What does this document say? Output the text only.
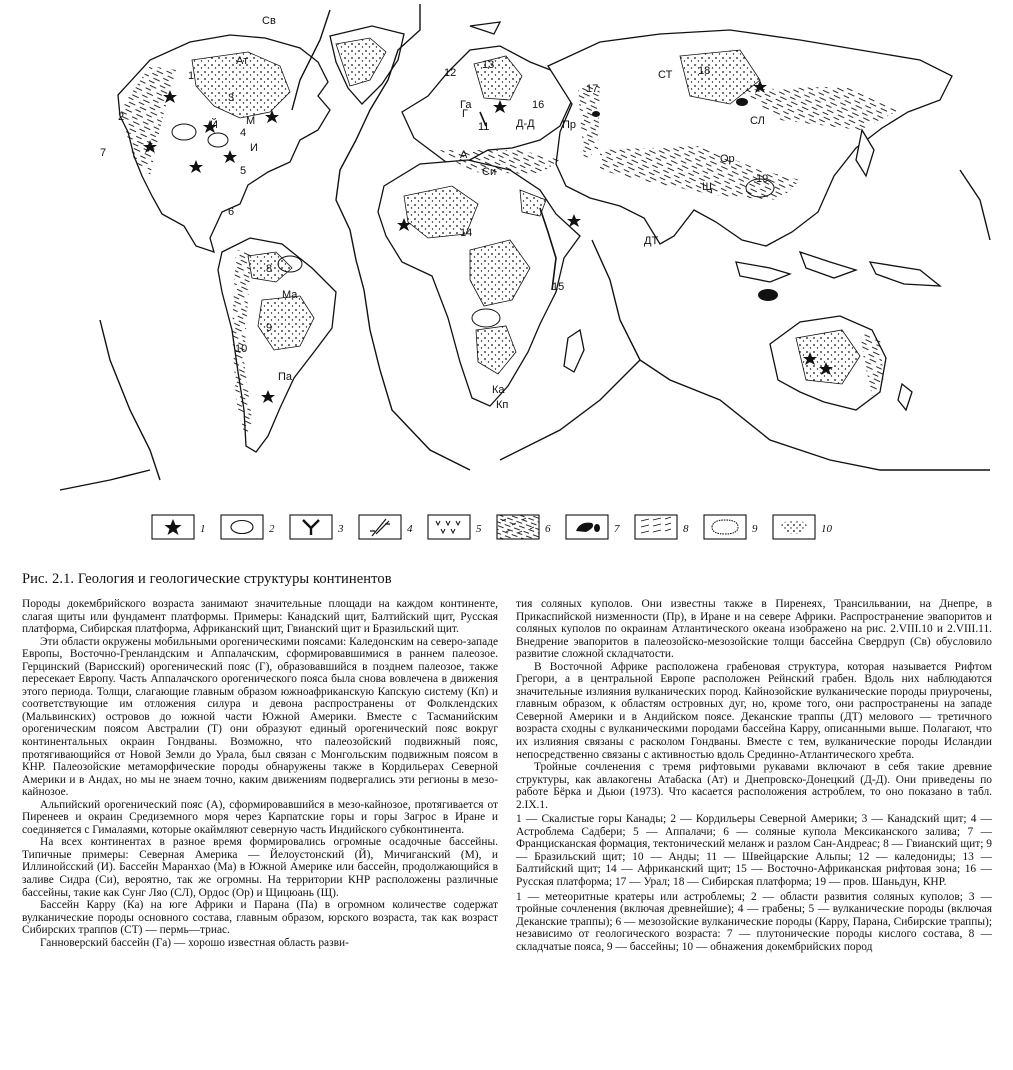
Св
Ат
1
2
3
4
5
6
7
8
9
10
11
12
13
14
15
16
17
18
19
Й	М
И
Ма
Па
Г
Га
Д-Д Пр
Си
Ка
Кп
СТ
СЛ
Ор
Щ
ДТ
А
1	2	3	4	5	6	7	8	9	10
Рис. 2.1. Геология и геологические структуры континентов

Породы докембрийского возраста занимают значительные площади на каждом континенте, слагая щиты или фундамент платформы. Примеры: Канадский щит, Балтийский щит, Русская платформа, Сибирская платформа, Африканский щит, Гвианский щит и Бразильский щит.

Эти области окружены мобильными орогеническими поясами: Каледонским на северо-западе Европы, Восточно-Гренландским и Аппалачским, сформировавшимися в раннем палеозое. Герцинский (Варисский) орогенический пояс (Г), образовавшийся в позднем палеозое, также пересекает Европу. Часть Аппалачского орогенического пояса была снова вовлечена в движения этого периода. Толщи, слагающие главным образом южноафриканскую Капскую систему (Кп) и соответствующие им отложения силура и девона распространены от Фолклендских (Мальвинских) островов до южной части Южной Америки. Вместе с Тасманийским орогеническим поясом Австралии (Т) они образуют единый орогенический пояс вокруг континентальных окраин Гондваны. Возможно, что палеозойский подвижный пояс, протягивающийся от Новой Земли до Урала, был связан с Монгольским подвижным поясом в КНР. Палеозойские метаморфические породы обнаружены также в Кордильерах Северной Америки и в Андах, но мы не знаем точно, каким движениям подвергались эти регионы в мезо-кайнозое.

Альпийский орогенический пояс (А), сформировавшийся в мезо-кайнозое, протягивается от Пиренеев и окраин Средиземного моря через Карпатские горы и горы Загрос в Иране и соединяется с Гималаями, которые окаймляют северную часть Индийского субконтинента.

На всех континентах в разное время формировались огромные осадочные бассейны. Типичные примеры: Северная Америка — Йелоустонский (Й), Мичиганский (М), и Иллинойсский (И). Бассейн Маранхао (Ма) в Южной Америке или бассейн, продолжающийся в заливе Сидра (Си), вероятно, так же огромны. На территории КНР расположены различные бассейны, такие как Сунг Ляо (СЛ), Ордос (Ор) и Щицюань (Щ).

Бассейн Карру (Ка) на юге Африки и Парана (Па) в огромном количестве содержат вулканические породы основного состава, главным образом, юрского возраста, так как возраст Сибирских траппов (СТ) — пермь—триас.

Ганноверский бассейн (Га) — хорошо известная область разви-

тия соляных куполов. Они известны также в Пиренеях, Трансильвании, на Днепре, в Прикаспийской низменности (Пр), в Иране и на севере Африки. Распространение эвапоритов и соляных куполов по окраинам Атлантического океана изображено на рис. 2.VIII.10 и 2.VIII.11. Внедрение эвапоритов в палеозойско-мезозойские толщи бассейна Свердруп (Св) обусловило развитие сложной складчатости.

В Восточной Африке расположена грабеновая структура, которая называется Рифтом Грегори, а в центральной Европе расположен Рейнский грабен. Вдоль них наблюдаются значительные излияния вулканических пород. Кайнозойские вулканические породы приурочены, главным образом, к областям островных дуг, но, кроме того, они распространены на западе Северной Америки и в Андийском поясе. Деканские траппы (ДТ) мелового — третичного возраста сходны с вулканическими породами бассейна Карру, описанными выше. Полагают, что их излияния связаны с расколом Гондваны. Вместе с тем, вулканические породы Исландии непосредственно связаны с активностью вдоль Срединно-Атлантического хребта.

Тройные сочленения с тремя рифтовыми рукавами включают в себя такие древние структуры, как авлакогены Атабаска (Ат) и Днепровско-Донецкий (Д-Д). Они приведены по работе Бёрка и Дьюи (1973). Что касается расположения астроблем, то оно показано в табл. 2.IX.1.

1 — Скалистые горы Канады; 2 — Кордильеры Северной Америки; 3 — Канадский щит; 4 — Астроблема Садбери; 5 — Аппалачи; 6 — соляные купола Мексиканского залива; 7 — Францисканская формация, тектонический меланж и разлом Сан-Андреас; 8 — Гвианский щит; 9 — Бразильский щит; 10 — Анды; 11 — Швейцарские Альпы; 12 — каледониды; 13 — Балтийский щит; 14 — Африканский щит; 15 — Восточно-Африканская рифтовая зона; 16 — Русская платформа; 17 — Урал; 18 — Сибирская платформа; 19 — пров. Шаньдун, КНР.

1 — метеоритные кратеры или астроблемы; 2 — области развития соляных куполов; 3 — тройные сочленения (включая древнейшие); 4 — грабены; 5 — вулканические породы (включая Деканские траппы); 6 — мезозойские вулканические породы (Карру, Парана, Сибирские траппы); независимо от геологического возраста: 7 — плутонические породы кислого состава, 8 — складчатые пояса, 9 — бассейны; 10 — обнажения докембрийских пород
